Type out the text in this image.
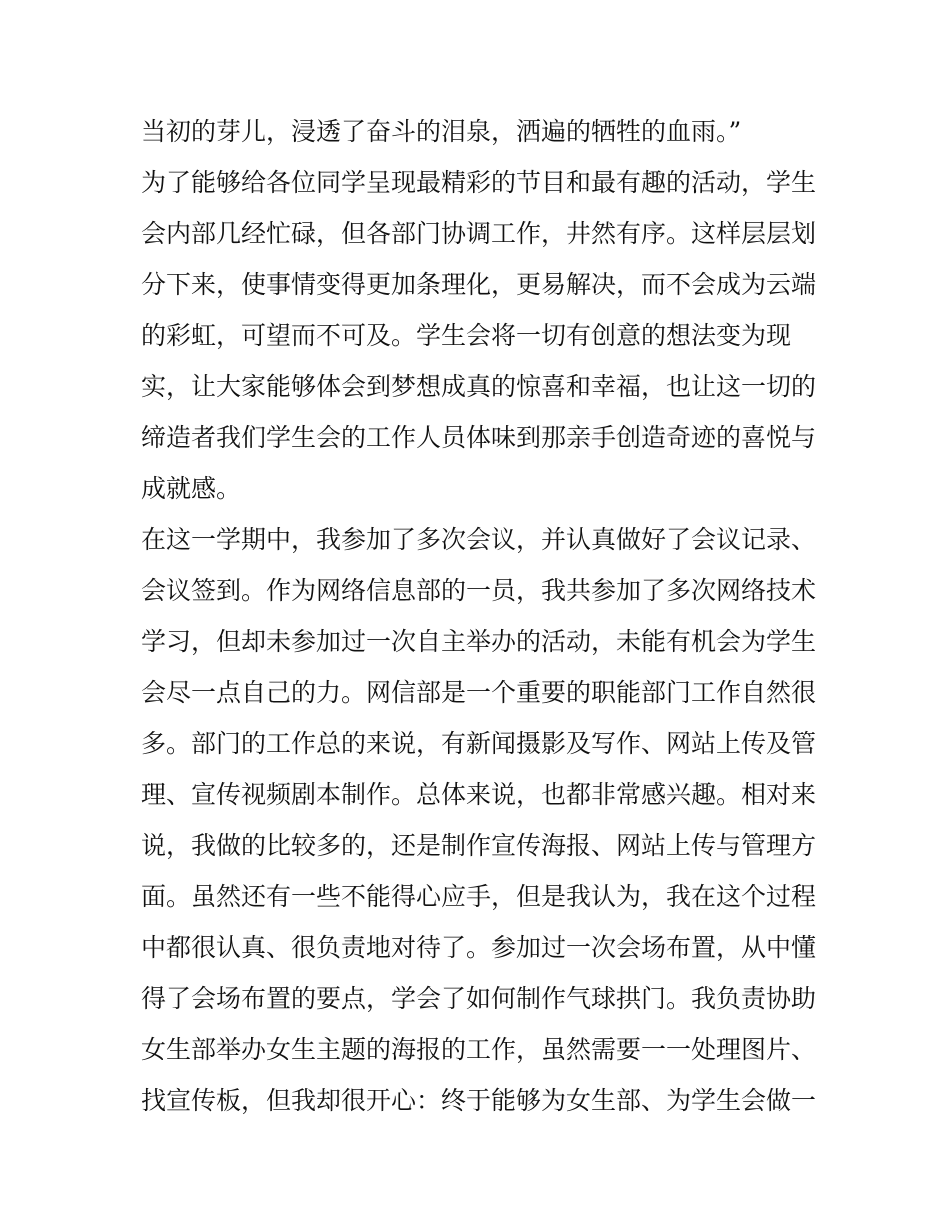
当初的芽儿，浸透了奋斗的泪泉，洒遍的牺牲的血雨。”
为了能够给各位同学呈现最精彩的节目和最有趣的活动，学生
会内部几经忙碌，但各部门协调工作，井然有序。这样层层划
分下来，使事情变得更加条理化，更易解决，而不会成为云端
的彩虹，可望而不可及。学生会将一切有创意的想法变为现
实，让大家能够体会到梦想成真的惊喜和幸福，也让这一切的
缔造者我们学生会的工作人员体味到那亲手创造奇迹的喜悦与
成就感。
在这一学期中，我参加了多次会议，并认真做好了会议记录、
会议签到。作为网络信息部的一员，我共参加了多次网络技术
学习，但却未参加过一次自主举办的活动，未能有机会为学生
会尽一点自己的力。网信部是一个重要的职能部门工作自然很
多。部门的工作总的来说，有新闻摄影及写作、网站上传及管
理、宣传视频剧本制作。总体来说，也都非常感兴趣。相对来
说，我做的比较多的，还是制作宣传海报、网站上传与管理方
面。虽然还有一些不能得心应手，但是我认为，我在这个过程
中都很认真、很负责地对待了。参加过一次会场布置，从中懂
得了会场布置的要点，学会了如何制作气球拱门。我负责协助
女生部举办女生主题的海报的工作，虽然需要一一处理图片、
找宣传板，但我却很开心：终于能够为女生部、为学生会做一
